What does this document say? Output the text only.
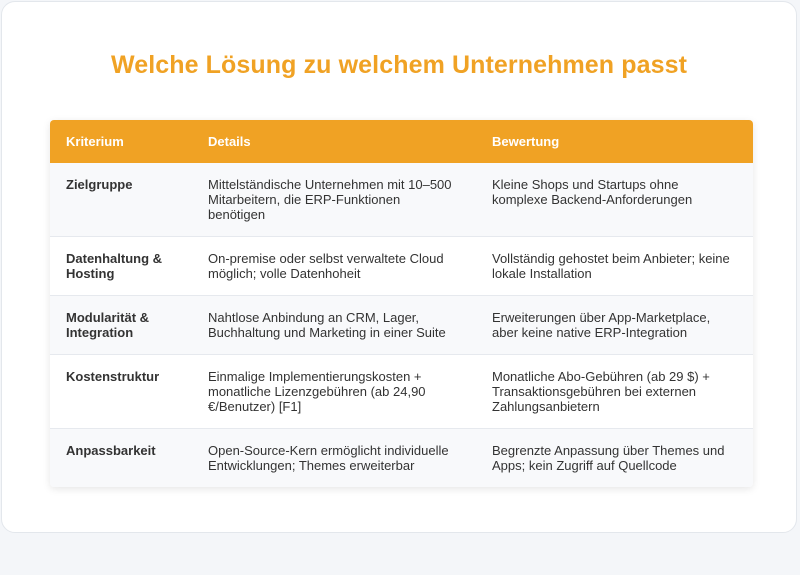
Welche Lösung zu welchem Unternehmen passt
Kriterium	Details	Bewertung
Zielgruppe	Mittelständische Unternehmen mit 10–500 Mitarbeitern, die ERP-Funktionen benötigen	Kleine Shops und Startups ohne komplexe Backend-Anforderungen
Datenhaltung & Hosting	On-premise oder selbst verwaltete Cloud möglich; volle Datenhoheit	Vollständig gehostet beim Anbieter; keine lokale Installation
Modularität & Integration	Nahtlose Anbindung an CRM, Lager, Buchhaltung und Marketing in einer Suite	Erweiterungen über App-Marketplace, aber keine native ERP-Integration
Kostenstruktur	Einmalige Implementierungskosten + monatliche Lizenzgebühren (ab 24,90 €/Benutzer) [F1]	Monatliche Abo-Gebühren (ab 29 $) + Transaktionsgebühren bei externen Zahlungsanbietern
Anpassbarkeit	Open-Source-Kern ermöglicht individuelle Entwicklungen; Themes erweiterbar	Begrenzte Anpassung über Themes und Apps; kein Zugriff auf Quellcode
